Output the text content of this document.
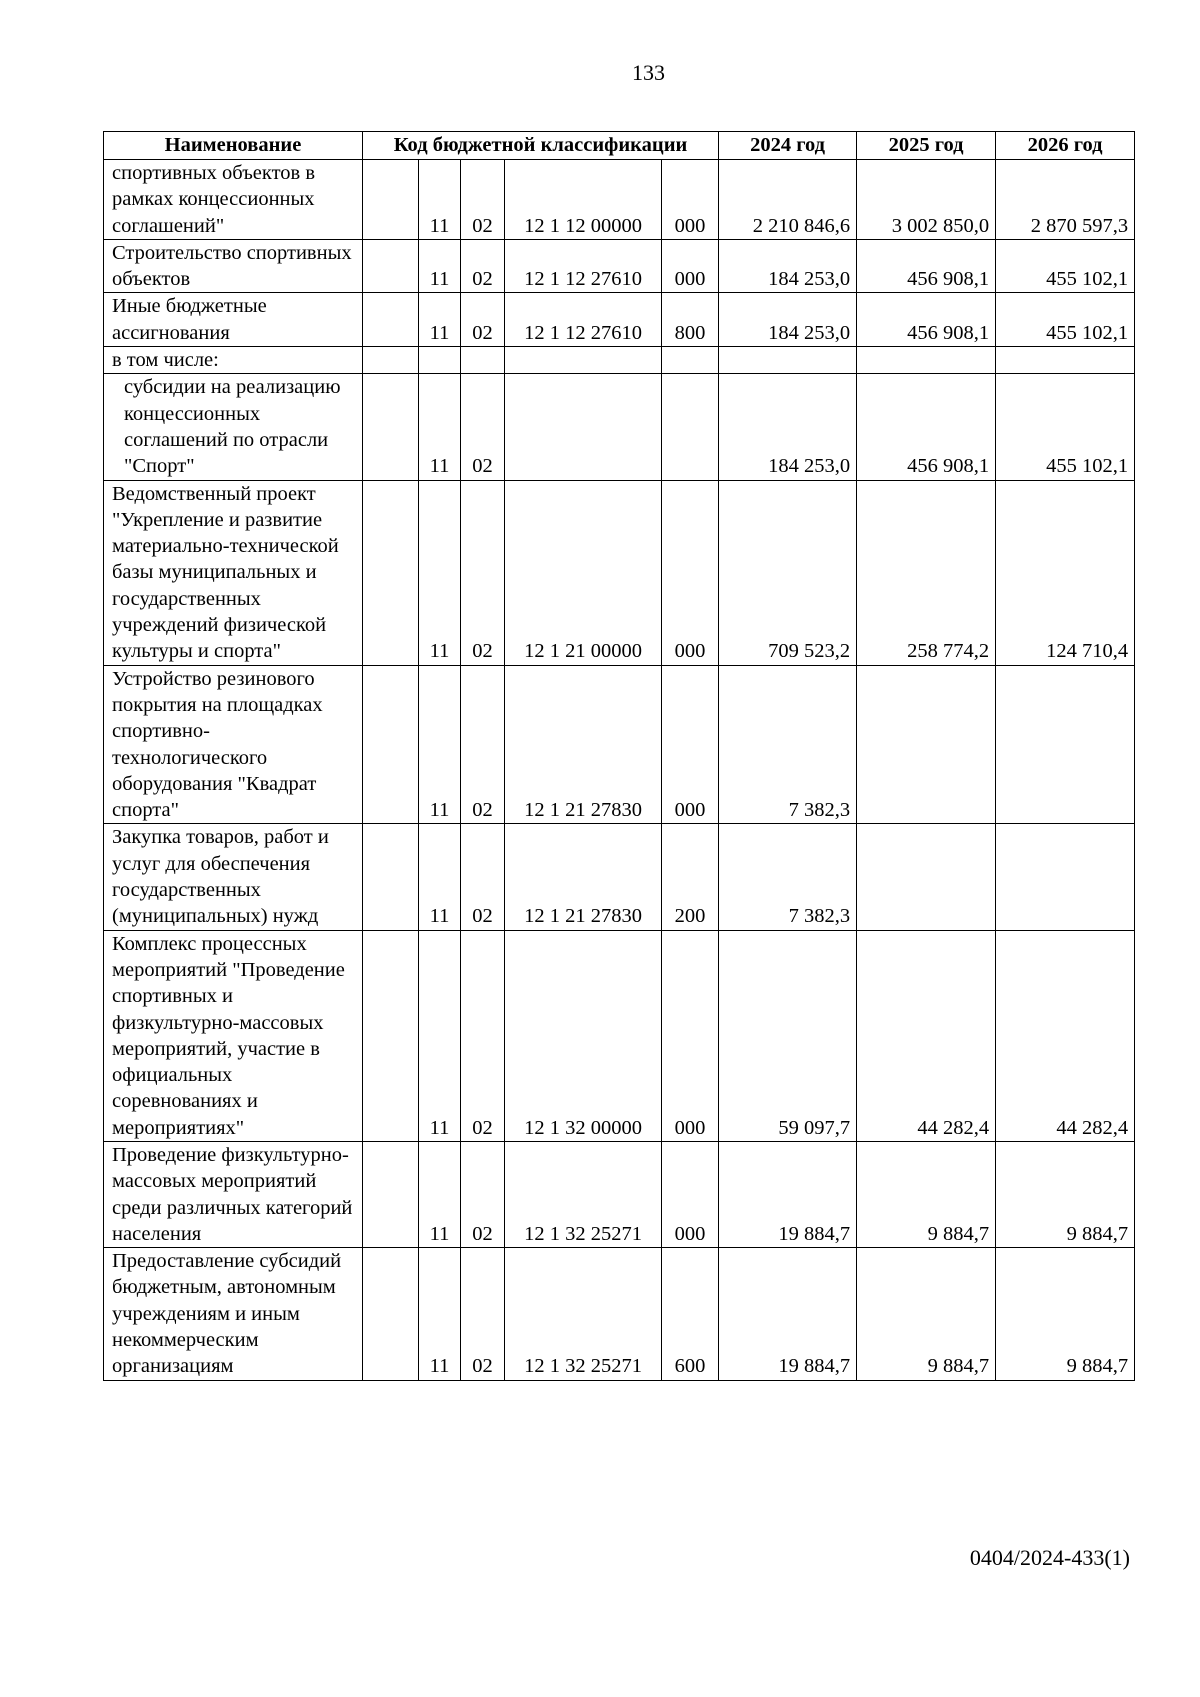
133
Наименование	Код бюджетной классификации					2024 год	2025 год	2026 год
спортивных объектов в рамках концессионных соглашений"		11	02	12 1 12 00000	000	2 210 846,6	3 002 850,0	2 870 597,3
Строительство спортивных объектов		11	02	12 1 12 27610	000	184 253,0	456 908,1	455 102,1
Иные бюджетные ассигнования		11	02	12 1 12 27610	800	184 253,0	456 908,1	455 102,1
в том числе:								
субсидии на реализацию концессионных соглашений по отрасли "Спорт"		11	02			184 253,0	456 908,1	455 102,1
Ведомственный проект "Укрепление и развитие материально-технической базы муниципальных и государственных учреждений физической культуры и спорта"		11	02	12 1 21 00000	000	709 523,2	258 774,2	124 710,4
Устройство резинового покрытия на площадках спортивно-технологического оборудования "Квадрат спорта"		11	02	12 1 21 27830	000	7 382,3		
Закупка товаров, работ и услуг для обеспечения государственных (муниципальных) нужд		11	02	12 1 21 27830	200	7 382,3		
Комплекс процессных мероприятий "Проведение спортивных и физкультурно-массовых мероприятий, участие в официальных соревнованиях и мероприятиях"		11	02	12 1 32 00000	000	59 097,7	44 282,4	44 282,4
Проведение физкультурно-массовых мероприятий среди различных категорий населения		11	02	12 1 32 25271	000	19 884,7	9 884,7	9 884,7
Предоставление субсидий бюджетным, автономным учреждениям и иным некоммерческим организациям		11	02	12 1 32 25271	600	19 884,7	9 884,7	9 884,7
0404/2024-433(1)
